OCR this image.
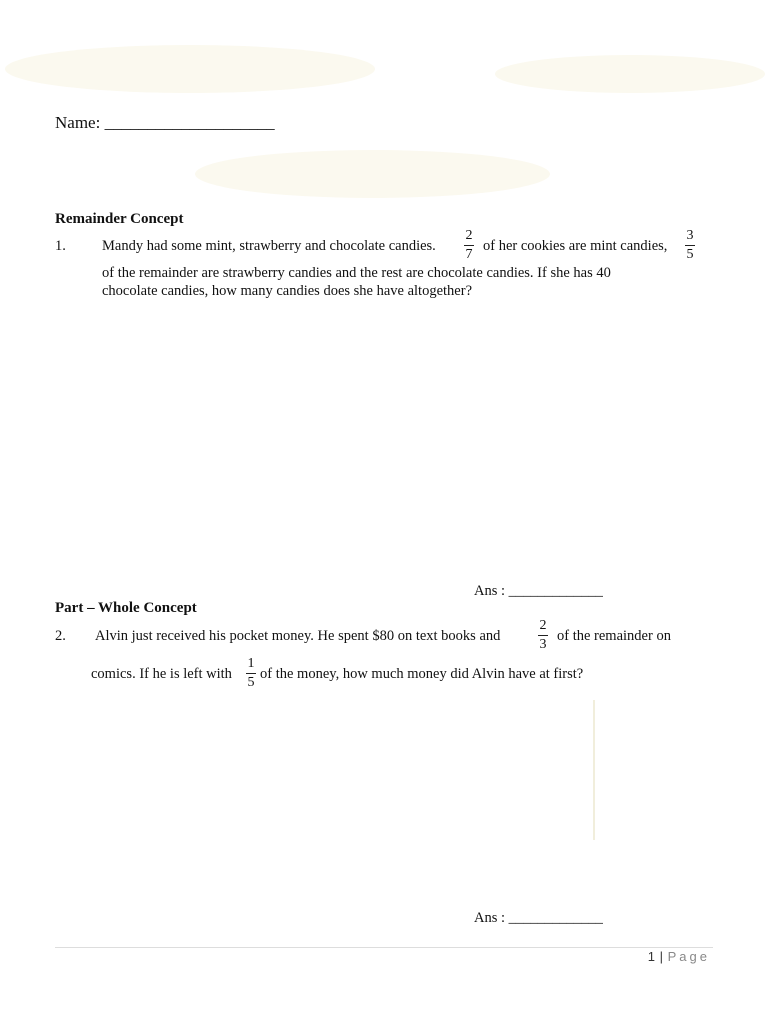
Name: ____________________
Remainder Concept
1. Mandy had some mint, strawberry and chocolate candies.
2
7
of her cookies are mint candies,
3
5
of the remainder are strawberry candies and the rest are chocolate candies. If she has 40
chocolate candies, how many candies does she have altogether?
Ans : _____________
Part – Whole Concept
2. Alvin just received his pocket money. He spent $80 on text books and
2
3
of the remainder on
comics. If he is left with
1
5
of the money, how much money did Alvin have at first?
Ans : _____________
1 | Page
